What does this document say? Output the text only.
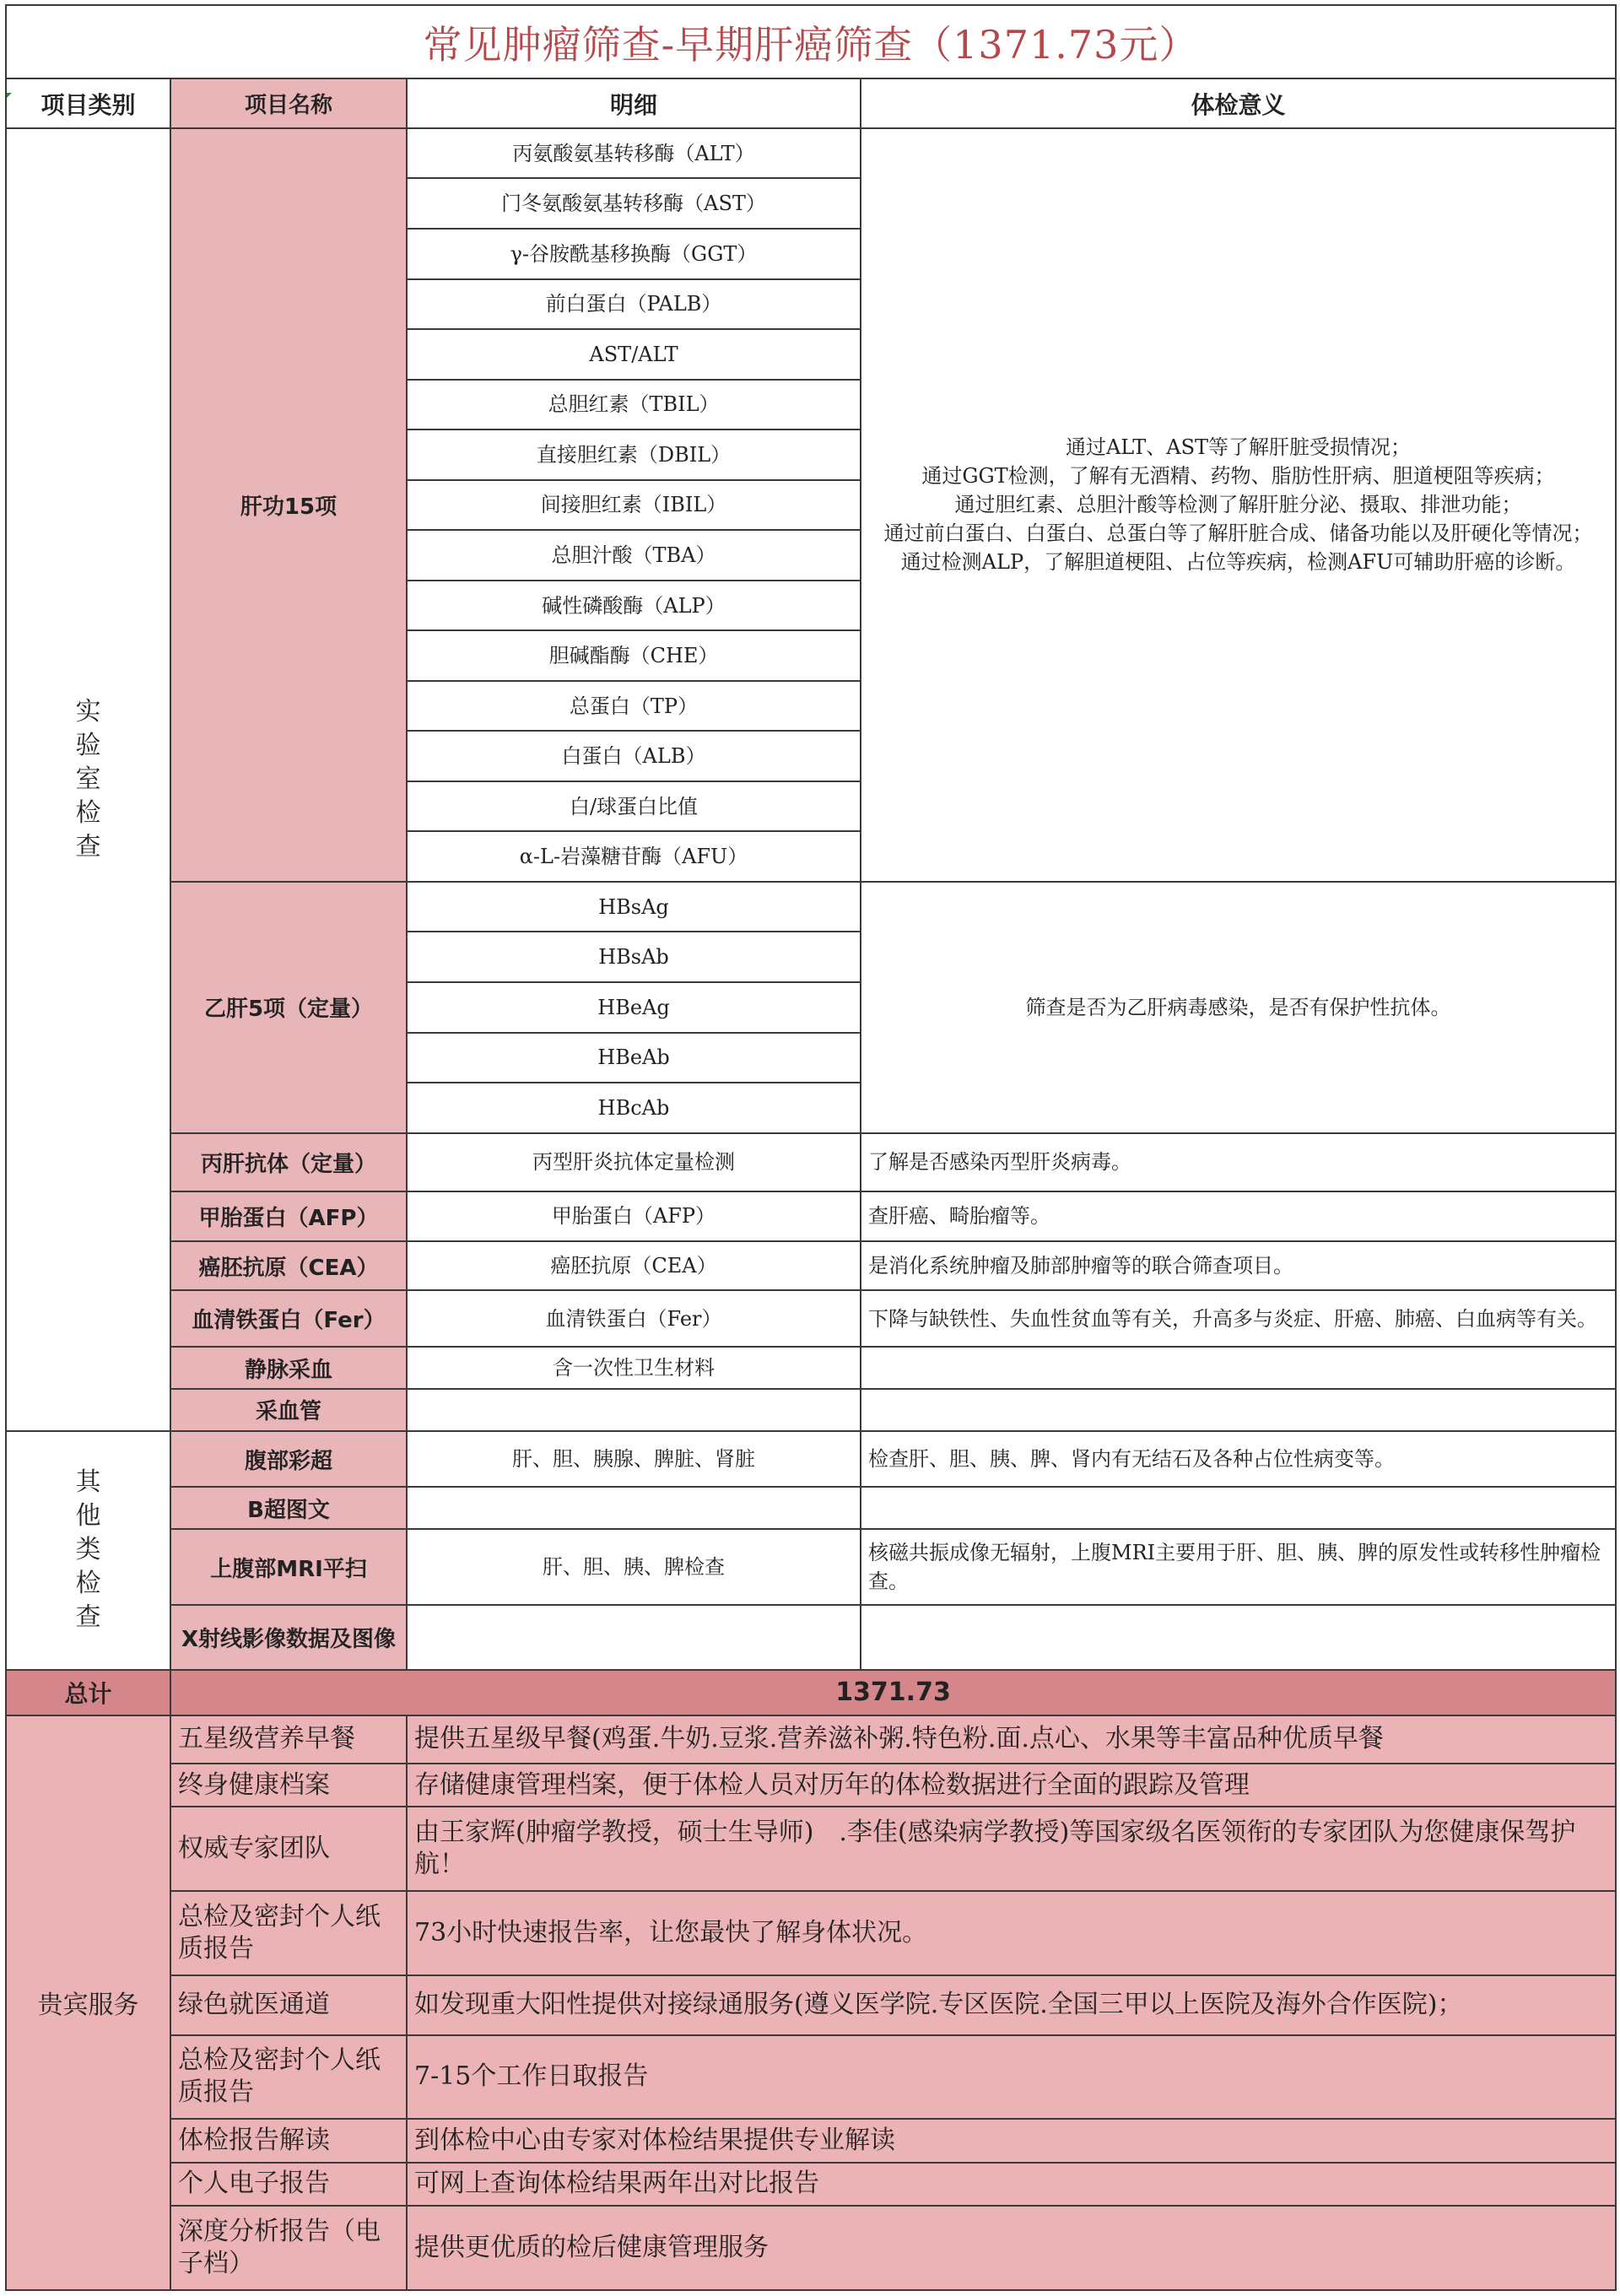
常见肿瘤筛查-早期肝癌筛查（1371.73元）			
项目类别	项目名称	明细	体检意义
实
验
室
检
查	肝功15项	丙氨酸氨基转移酶（ALT）	通过ALT、AST等了解肝脏受损情况；
通过GGT检测，了解有无酒精、药物、脂肪性肝病、胆道梗阻等疾病；
通过胆红素、总胆汁酸等检测了解肝脏分泌、摄取、排泄功能；
通过前白蛋白、白蛋白、总蛋白等了解肝脏合成、储备功能以及肝硬化等情况；
通过检测ALP，了解胆道梗阻、占位等疾病，检测AFU可辅助肝癌的诊断。
		门冬氨酸氨基转移酶（AST）	
		γ-谷胺酰基移换酶（GGT）	
		前白蛋白（PALB）	
		AST/ALT	
		总胆红素（TBIL）	
		直接胆红素（DBIL）	
		间接胆红素（IBIL）	
		总胆汁酸（TBA）	
		碱性磷酸酶（ALP）	
		胆碱酯酶（CHE）	
		总蛋白（TP）	
		白蛋白（ALB）	
		白/球蛋白比值	
		α-L-岩藻糖苷酶（AFU）	
	乙肝5项（定量）	HBsAg	筛查是否为乙肝病毒感染，是否有保护性抗体。
		HBsAb	
		HBeAg	
		HBeAb	
		HBcAb	
	丙肝抗体（定量）	丙型肝炎抗体定量检测	了解是否感染丙型肝炎病毒。
	甲胎蛋白（AFP）	甲胎蛋白（AFP）	查肝癌、畸胎瘤等。
	癌胚抗原（CEA）	癌胚抗原（CEA）	是消化系统肿瘤及肺部肿瘤等的联合筛查项目。
	血清铁蛋白（Fer）	血清铁蛋白（Fer）	下降与缺铁性、失血性贫血等有关，升高多与炎症、肝癌、肺癌、白血病等有关。
	静脉采血	含一次性卫生材料	
	采血管		
其
他
类
检
查	腹部彩超	肝、胆、胰腺、脾脏、肾脏	检查肝、胆、胰、脾、肾内有无结石及各种占位性病变等。
	B超图文		
	上腹部MRI平扫	肝、胆、胰、脾检查	核磁共振成像无辐射，上腹MRI主要用于肝、胆、胰、脾的原发性或转移性肿瘤检查。
	X射线影像数据及图像		
总计	1371.73		
贵宾服务	五星级营养早餐	提供五星级早餐(鸡蛋.牛奶.豆浆.营养滋补粥.特色粉.面.点心、水果等丰富品种优质早餐	
	终身健康档案	存储健康管理档案，便于体检人员对历年的体检数据进行全面的跟踪及管理	
	权威专家团队	由王家辉(肿瘤学教授，硕士生导师)　.李佳(感染病学教授)等国家级名医领衔的专家团队为您健康保驾护航！	
	总检及密封个人纸质报告	73小时快速报告率，让您最快了解身体状况。	
	绿色就医通道	如发现重大阳性提供对接绿通服务(遵义医学院.专区医院.全国三甲以上医院及海外合作医院)；	
	总检及密封个人纸质报告	7-15个工作日取报告	
	体检报告解读	到体检中心由专家对体检结果提供专业解读	
	个人电子报告	可网上查询体检结果两年出对比报告	
	深度分析报告（电子档）	提供更优质的检后健康管理服务	
